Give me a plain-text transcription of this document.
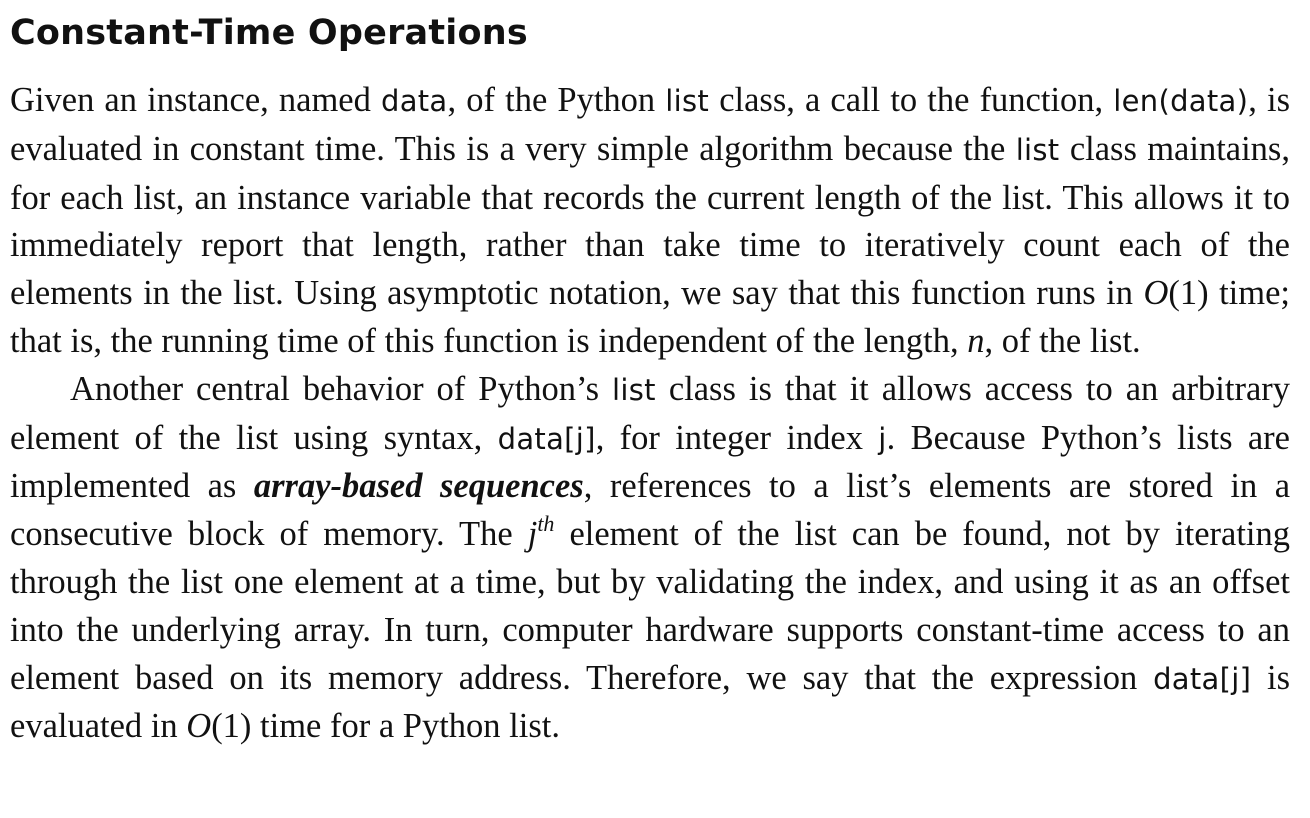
Constant-Time Operations

Given an instance, named data, of the Python list class, a call to the function, len(data), is evaluated in constant time. This is a very simple algorithm because the list class maintains, for each list, an instance variable that records the current length of the list. This allows it to immediately report that length, rather than take time to iteratively count each of the elements in the list. Using asymptotic notation, we say that this function runs in O(1) time; that is, the running time of this function is independent of the length, n, of the list.

Another central behavior of Python’s list class is that it allows access to an arbitrary element of the list using syntax, data[j], for integer index j. Because Python’s lists are implemented as array-based sequences, references to a list’s elements are stored in a consecutive block of memory. The $j^{th}$ element of the list can be found, not by iterating through the list one element at a time, but by validating the index, and using it as an offset into the underlying array. In turn, computer hardware supports constant-time access to an element based on its memory address. Therefore, we say that the expression data[j] is evaluated in O(1) time for a Python list.
